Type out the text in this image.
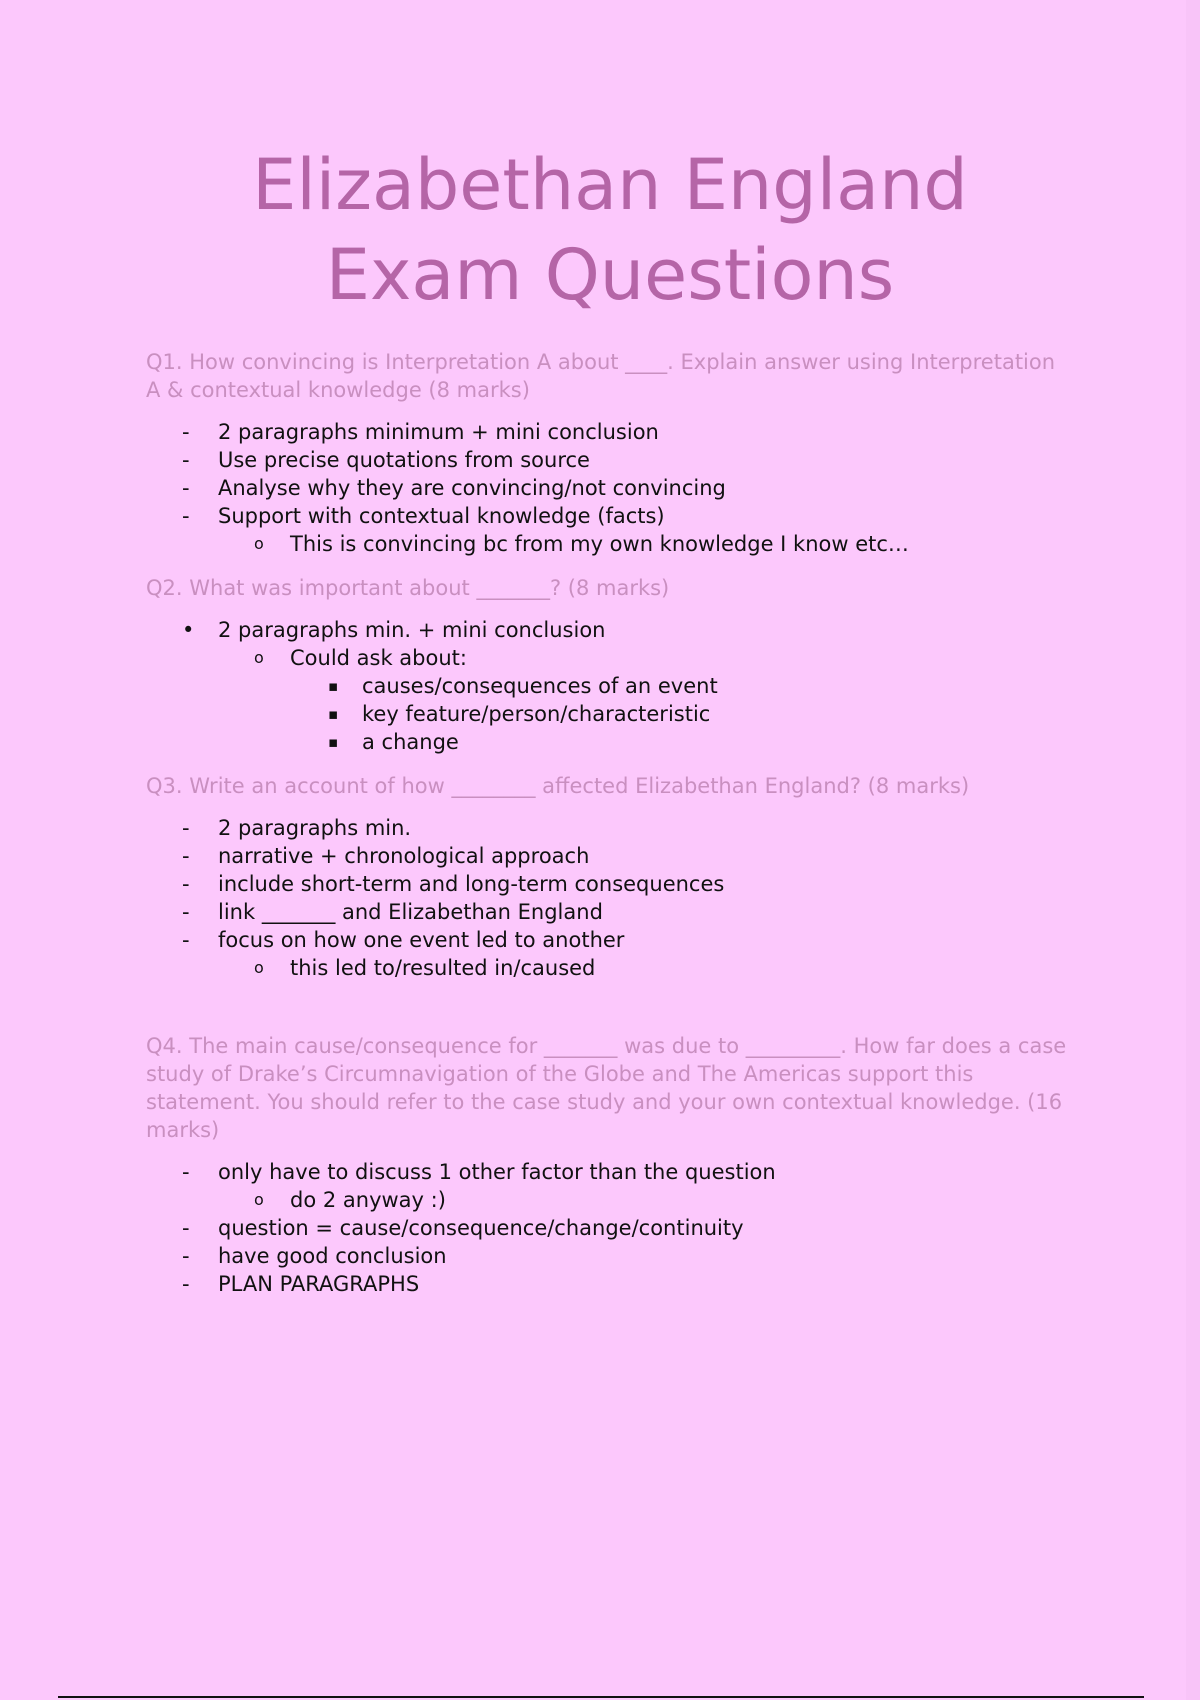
Elizabethan England
Exam Questions

Q1. How convincing is Interpretation A about ____. Explain answer using Interpretation A & contextual knowledge (8 marks)

- 2 paragraphs minimum + mini conclusion
- Use precise quotations from source
- Analyse why they are convincing/not convincing
- Support with contextual knowledge (facts)
o This is convincing bc from my own knowledge I know etc…

Q2. What was important about _______? (8 marks)

• 2 paragraphs min. + mini conclusion
o Could ask about:
▪ causes/consequences of an event
▪ key feature/person/characteristic
▪ a change

Q3. Write an account of how ________ affected Elizabethan England? (8 marks)

- 2 paragraphs min.
- narrative + chronological approach
- include short-term and long-term consequences
- link _______ and Elizabethan England
- focus on how one event led to another
o this led to/resulted in/caused

Q4. The main cause/consequence for _______ was due to _________. How far does a case study of Drake’s Circumnavigation of the Globe and The Americas support this statement. You should refer to the case study and your own contextual knowledge. (16 marks)

- only have to discuss 1 other factor than the question
o do 2 anyway :)
- question = cause/consequence/change/continuity
- have good conclusion
- PLAN PARAGRAPHS
